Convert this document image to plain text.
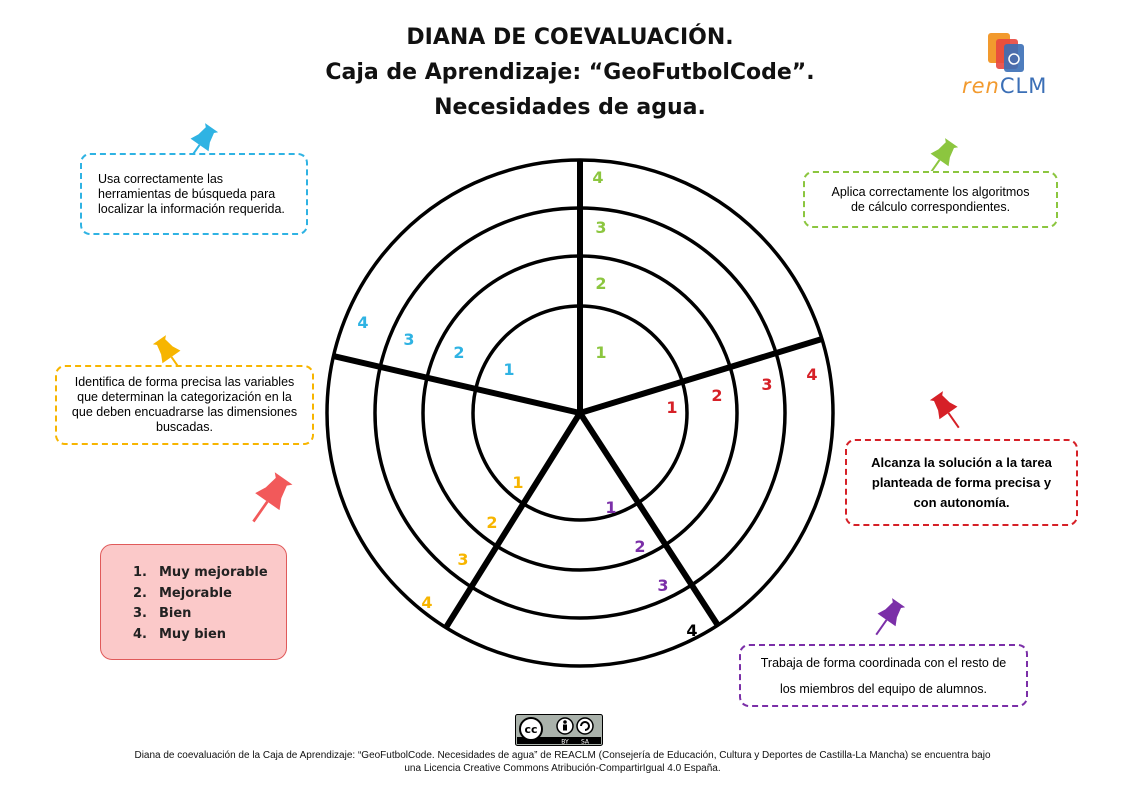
DIANA DE COEVALUACIÓN.
Caja de Aprendizaje: “GeoFutbolCode”.
Necesidades de agua.
renCLM
1
2
3
4
1
2
3
4
1
2
3
4
1
2
3
4
1
2
3
4
Usa correctamente las
herramientas de búsqueda para
localizar la información requerida.
Aplica correctamente los algoritmos
de cálculo correspondientes.
Identifica de forma precisa las variables
que determinan la categorización en la
que deben encuadrarse las dimensiones
buscadas.
Alcanza la solución a la tarea
planteada de forma precisa y
con autonomía.
Trabaja de forma coordinada con el resto de
los miembros del equipo de alumnos.
1. Muy mejorable
2. Mejorable
3. Bien
4. Muy bien
cc
BY SA
Diana de coevaluación de la Caja de Aprendizaje: “GeoFutbolCode. Necesidades de agua” de REACLM (Consejería de Educación, Cultura y Deportes de Castilla-La Mancha) se encuentra bajo
una Licencia Creative Commons Atribución-CompartirIgual 4.0 España.
